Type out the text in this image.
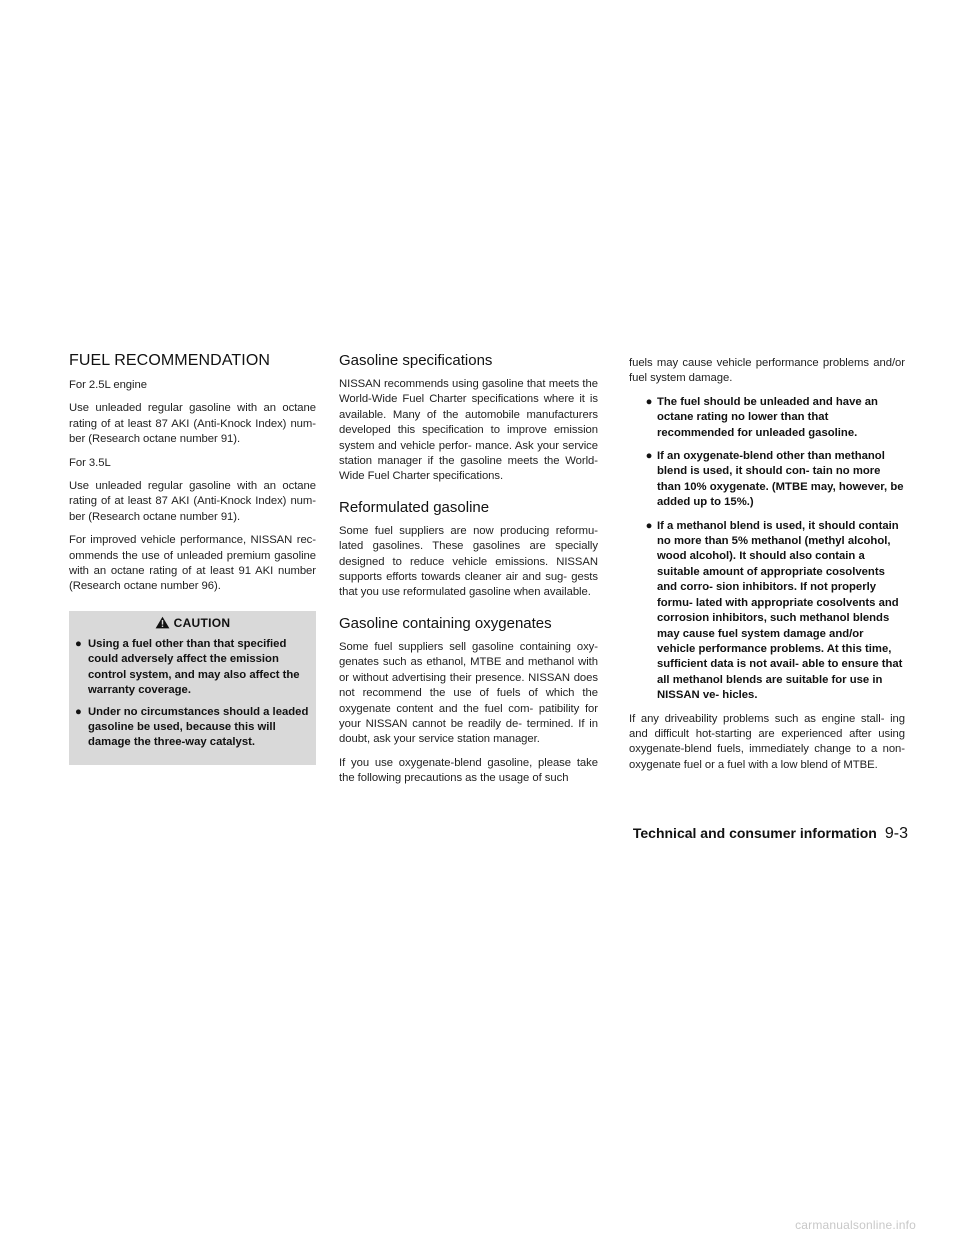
FUEL RECOMMENDATION

For 2.5L engine

Use unleaded regular gasoline with an octane rating of at least 87 AKI (Anti-Knock Index) num- ber (Research octane number 91).

For 3.5L

Use unleaded regular gasoline with an octane rating of at least 87 AKI (Anti-Knock Index) num- ber (Research octane number 91).

For improved vehicle performance, NISSAN rec- ommends the use of unleaded premium gasoline with an octane rating of at least 91 AKI number (Research octane number 96).

CAUTION
● Using a fuel other than that specified could adversely affect the emission control system, and may also affect the warranty coverage.
● Under no circumstances should a leaded gasoline be used, because this will damage the three-way catalyst.
Gasoline specifications

NISSAN recommends using gasoline that meets the World-Wide Fuel Charter specifications where it is available. Many of the automobile manufacturers developed this specification to improve emission system and vehicle perfor- mance. Ask your service station manager if the gasoline meets the World-Wide Fuel Charter specifications.

Reformulated gasoline

Some fuel suppliers are now producing reformu- lated gasolines. These gasolines are specially designed to reduce vehicle emissions. NISSAN supports efforts towards cleaner air and sug- gests that you use reformulated gasoline when available.

Gasoline containing oxygenates

Some fuel suppliers sell gasoline containing oxy- genates such as ethanol, MTBE and methanol with or without advertising their presence. NISSAN does not recommend the use of fuels of which the oxygenate content and the fuel com- patibility for your NISSAN cannot be readily de- termined. If in doubt, ask your service station manager.

If you use oxygenate-blend gasoline, please take the following precautions as the usage of such

fuels may cause vehicle performance problems and/or fuel system damage.

● The fuel should be unleaded and have an octane rating no lower than that recommended for unleaded gasoline.
● If an oxygenate-blend other than methanol blend is used, it should con- tain no more than 10% oxygenate. (MTBE may, however, be added up to 15%.)
● If a methanol blend is used, it should contain no more than 5% methanol (methyl alcohol, wood alcohol). It should also contain a suitable amount of appropriate cosolvents and corro- sion inhibitors. If not properly formu- lated with appropriate cosolvents and corrosion inhibitors, such methanol blends may cause fuel system damage and/or vehicle performance problems. At this time, sufficient data is not avail- able to ensure that all methanol blends are suitable for use in NISSAN ve- hicles.

If any driveability problems such as engine stall- ing and difficult hot-starting are experienced after using oxygenate-blend fuels, immediately change to a non-oxygenate fuel or a fuel with a low blend of MTBE.

Technical and consumer information 9-3
carmanualsonline.info
